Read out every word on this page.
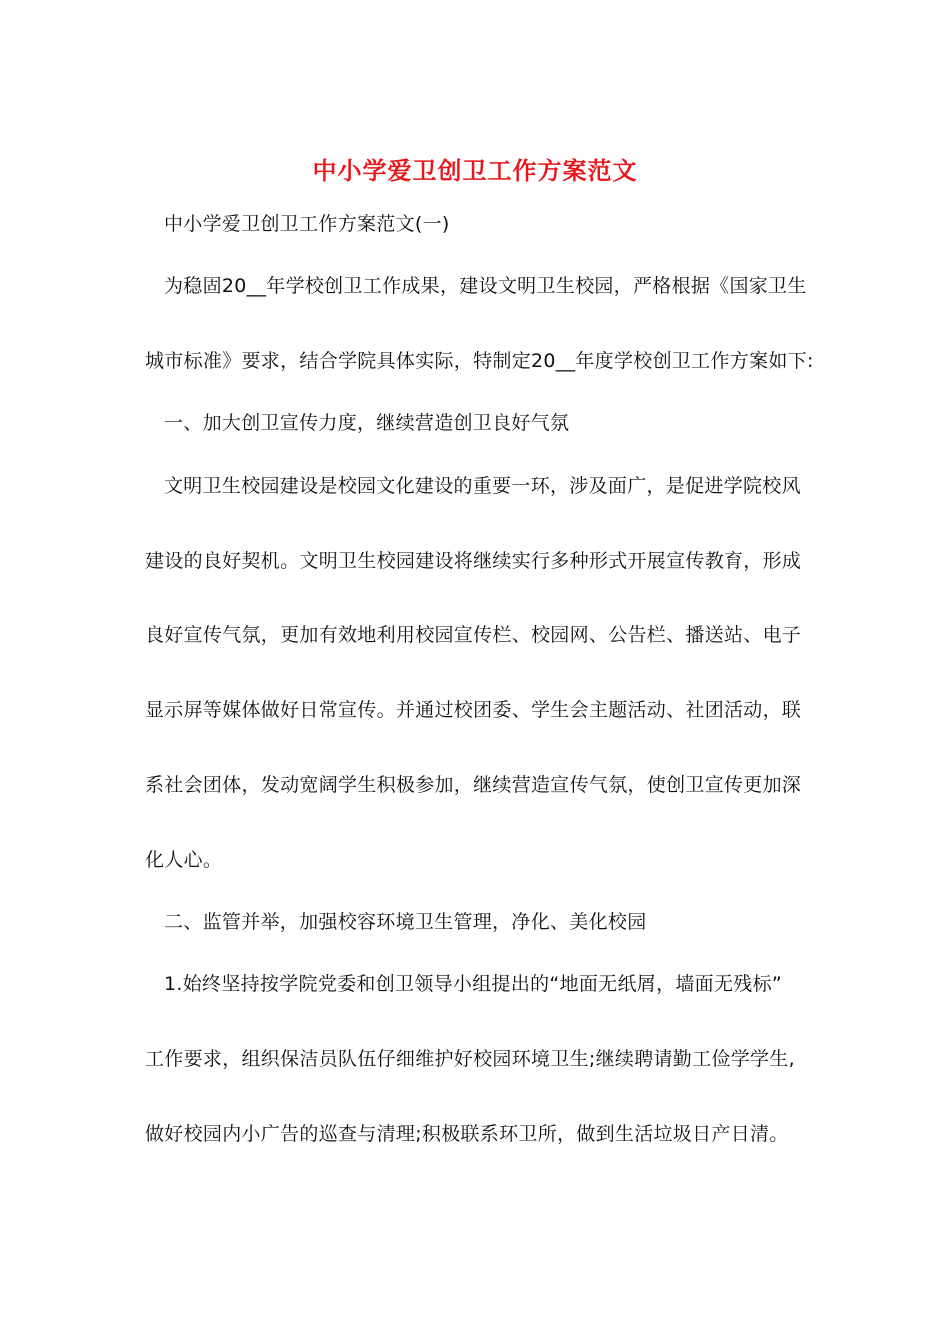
中小学爱卫创卫工作方案范文
中小学爱卫创卫工作方案范文(一)
为稳固20__年学校创卫工作成果，建设文明卫生校园，严格根据《国家卫生
城市标准》要求，结合学院具体实际，特制定20__年度学校创卫工作方案如下:
一、加大创卫宣传力度，继续营造创卫良好气氛
文明卫生校园建设是校园文化建设的重要一环，涉及面广，是促进学院校风
建设的良好契机。文明卫生校园建设将继续实行多种形式开展宣传教育，形成
良好宣传气氛，更加有效地利用校园宣传栏、校园网、公告栏、播送站、电子
显示屏等媒体做好日常宣传。并通过校团委、学生会主题活动、社团活动，联
系社会团体，发动宽阔学生积极参加，继续营造宣传气氛，使创卫宣传更加深
化人心。
二、监管并举，加强校容环境卫生管理，净化、美化校园
1.始终坚持按学院党委和创卫领导小组提出的“地面无纸屑，墙面无残标”
工作要求，组织保洁员队伍仔细维护好校园环境卫生;继续聘请勤工俭学学生,
做好校园内小广告的巡查与清理;积极联系环卫所，做到生活垃圾日产日清。
